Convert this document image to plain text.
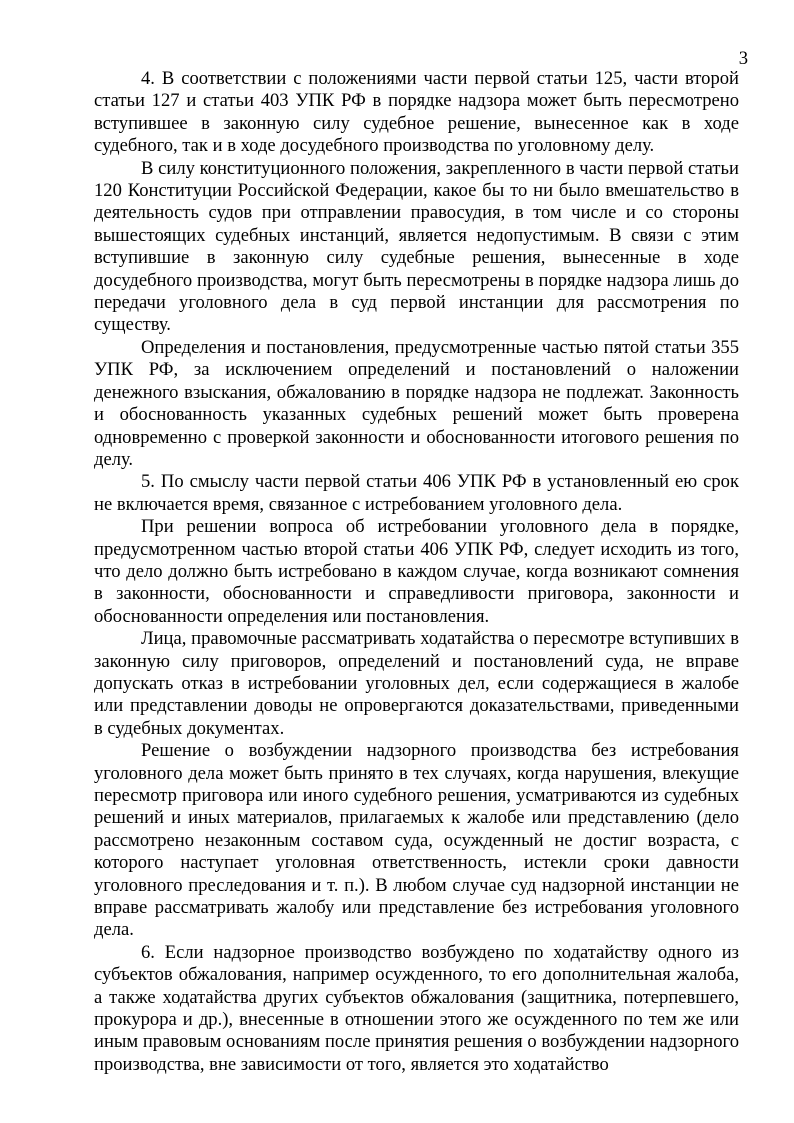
3

4. В соответствии с положениями части первой статьи 125, части второй статьи 127 и статьи 403 УПК РФ в порядке надзора может быть пересмотрено вступившее в законную силу судебное решение, вынесенное как в ходе судебного, так и в ходе досудебного производства по уголовному делу.

В силу конституционного положения, закрепленного в части первой статьи 120 Конституции Российской Федерации, какое бы то ни было вмешательство в деятельность судов при отправлении правосудия, в том числе и со стороны вышестоящих судебных инстанций, является недопустимым. В связи с этим вступившие в законную силу судебные решения, вынесенные в ходе досудебного производства, могут быть пересмотрены в порядке надзора лишь до передачи уголовного дела в суд первой инстанции для рассмотрения по существу.

Определения и постановления, предусмотренные частью пятой статьи 355 УПК РФ, за исключением определений и постановлений о наложении денежного взыскания, обжалованию в порядке надзора не подлежат. Законность и обоснованность указанных судебных решений может быть проверена одновременно с проверкой законности и обоснованности итогового решения по делу.

5. По смыслу части первой статьи 406 УПК РФ в установленный ею срок не включается время, связанное с истребованием уголовного дела.

При решении вопроса об истребовании уголовного дела в порядке, предусмотренном частью второй статьи 406 УПК РФ, следует исходить из того, что дело должно быть истребовано в каждом случае, когда возникают сомнения в законности, обоснованности и справедливости приговора, законности и обоснованности определения или постановления.

Лица, правомочные рассматривать ходатайства о пересмотре вступивших в законную силу приговоров, определений и постановлений суда, не вправе допускать отказ в истребовании уголовных дел, если содержащиеся в жалобе или представлении доводы не опровергаются доказательствами, приведенными в судебных документах.

Решение о возбуждении надзорного производства без истребования уголовного дела может быть принято в тех случаях, когда нарушения, влекущие пересмотр приговора или иного судебного решения, усматриваются из судебных решений и иных материалов, прилагаемых к жалобе или представлению (дело рассмотрено незаконным составом суда, осужденный не достиг возраста, с которого наступает уголовная ответственность, истекли сроки давности уголовного преследования и т. п.). В любом случае суд надзорной инстанции не вправе рассматривать жалобу или представление без истребования уголовного дела.

6. Если надзорное производство возбуждено по ходатайству одного из субъектов обжалования, например осужденного, то его дополнительная жалоба, а также ходатайства других субъектов обжалования (защитника, потерпевшего, прокурора и др.), внесенные в отношении этого же осужденного по тем же или иным правовым основаниям после принятия решения о возбуждении надзорного производства, вне зависимости от того, является это ходатайство
